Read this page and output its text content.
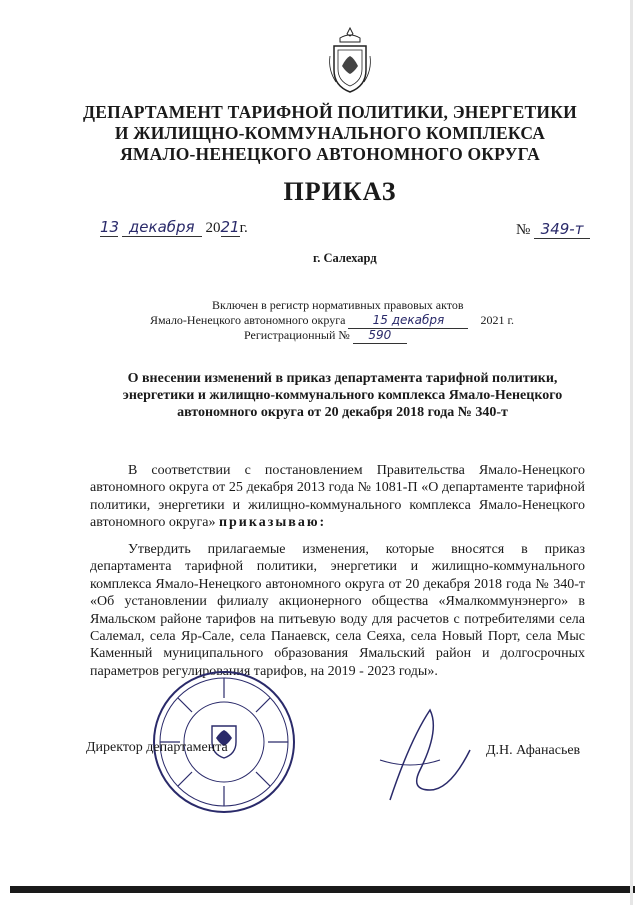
ДЕПАРТАМЕНТ ТАРИФНОЙ ПОЛИТИКИ, ЭНЕРГЕТИКИ
И ЖИЛИЩНО-КОММУНАЛЬНОГО КОМПЛЕКСА
ЯМАЛО-НЕНЕЦКОГО АВТОНОМНОГО ОКРУГА
ПРИКАЗ
13 декабря 2021г.	№ 349-т
г. Салехард
Включен в регистр нормативных правовых актов
Ямало-Ненецкого автономного округа 15 декабря	2021 г.
Регистрационный № 590
О внесении изменений в приказ департамента тарифной политики, энергетики и жилищно-коммунального комплекса Ямало-Ненецкого автономного округа от 20 декабря 2018 года № 340-т
В соответствии с постановлением Правительства Ямало-Ненецкого автономного округа от 25 декабря 2013 года № 1081-П «О департаменте тарифной политики, энергетики и жилищно-коммунального комплекса Ямало-Ненецкого автономного округа» приказываю:
Утвердить прилагаемые изменения, которые вносятся в приказ департамента тарифной политики, энергетики и жилищно-коммунального комплекса Ямало-Ненецкого автономного округа от 20 декабря 2018 года № 340-т «Об установлении филиалу акционерного общества «Ямалкоммунэнерго» в Ямальском районе тарифов на питьевую воду для расчетов с потребителями села Салемал, села Яр-Сале, села Панаевск, села Сеяха, села Новый Порт, села Мыс Каменный муниципального образования Ямальский район и долгосрочных параметров регулирования тарифов, на 2019 - 2023 годы».
Директор департамента	Д.Н. Афанасьев
